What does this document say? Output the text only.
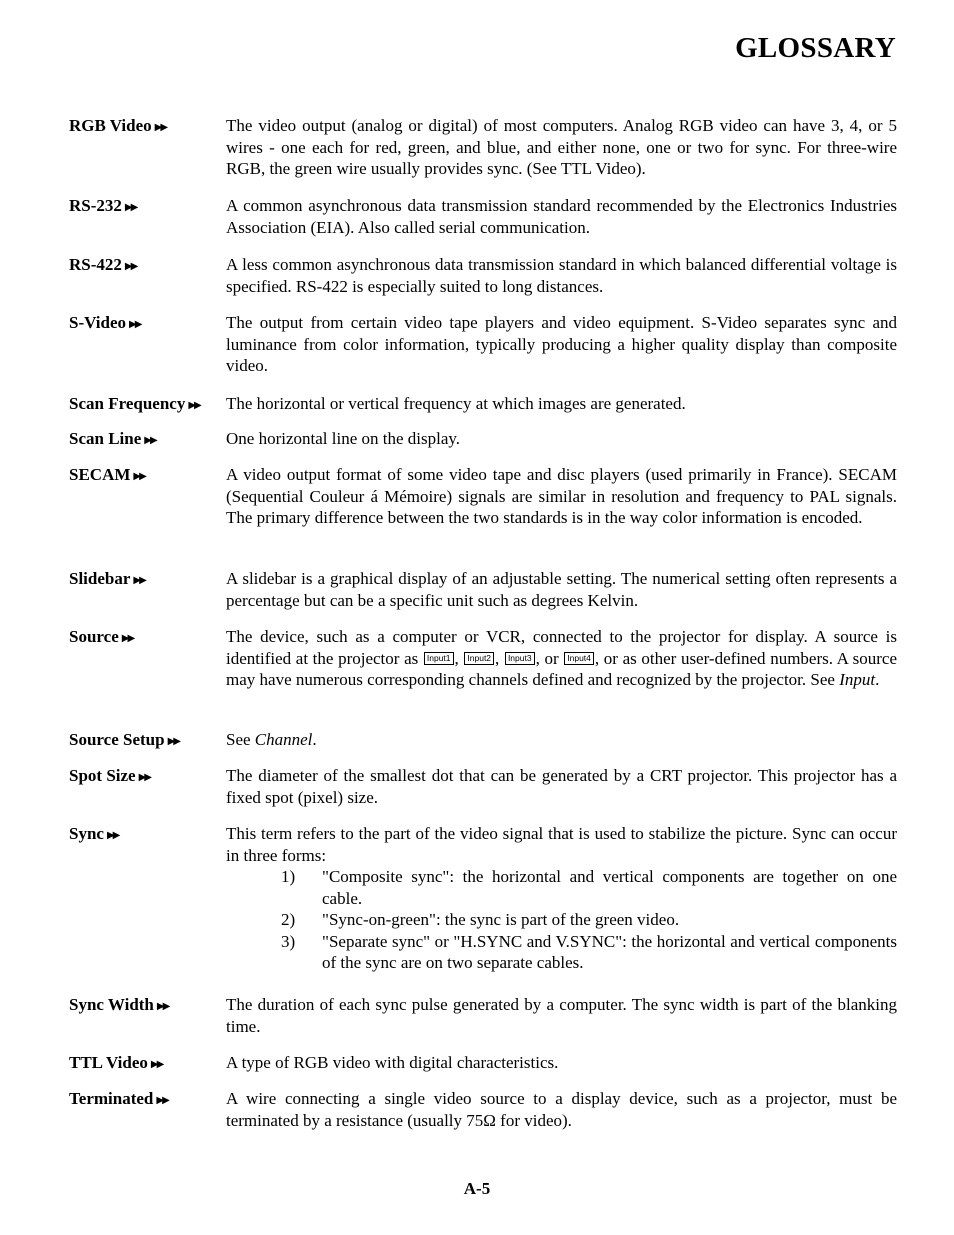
GLOSSARY
RGB Video ▶▶	The video output (analog or digital) of most computers. Analog RGB video can have 3, 4, or 5 wires - one each for red, green, and blue, and either none, one or two for sync. For three-wire RGB, the green wire usually provides sync. (See TTL Video).
RS-232 ▶▶	A common asynchronous data transmission standard recommended by the Electronics Industries Association (EIA). Also called serial communication.
RS-422 ▶▶	A less common asynchronous data transmission standard in which balanced differential voltage is specified. RS-422 is especially suited to long distances.
S-Video ▶▶	The output from certain video tape players and video equipment. S-Video separates sync and luminance from color information, typically producing a higher quality display than composite video.
Scan Frequency ▶▶ The horizontal or vertical frequency at which images are generated.
Scan Line ▶▶	One horizontal line on the display.
SECAM ▶▶	A video output format of some video tape and disc players (used primarily in France). SECAM (Sequential Couleur á Mémoire) signals are similar in resolution and frequency to PAL signals. The primary difference between the two standards is in the way color information is encoded.
Slidebar ▶▶	A slidebar is a graphical display of an adjustable setting. The numerical setting often represents a percentage but can be a specific unit such as degrees Kelvin.
Source ▶▶	The device, such as a computer or VCR, connected to the projector for display. A source is identified at the projector as Input1 , Input2 , Input3 , or Input4 , or as other user-defined numbers. A source may have numerous corresponding channels defined and recognized by the projector. See Input.
Source Setup ▶▶	See Channel.
Spot Size ▶▶	The diameter of the smallest dot that can be generated by a CRT projector. This projector has a fixed spot (pixel) size.
Sync ▶▶	This term refers to the part of the video signal that is used to stabilize the picture. Sync can occur in three forms:

1) "Composite sync": the horizontal and vertical components are together on one cable.
2) "Sync-on-green": the sync is part of the green video.
3) "Separate sync" or "H.SYNC and V.SYNC": the horizontal and vertical components of the sync are on two separate cables.
Sync Width ▶▶	The duration of each sync pulse generated by a computer. The sync width is part of the blanking time.
TTL Video ▶▶	A type of RGB video with digital characteristics.
Terminated ▶▶	A wire connecting a single video source to a display device, such as a projector, must be terminated by a resistance (usually 75Ω for video).
A-5
